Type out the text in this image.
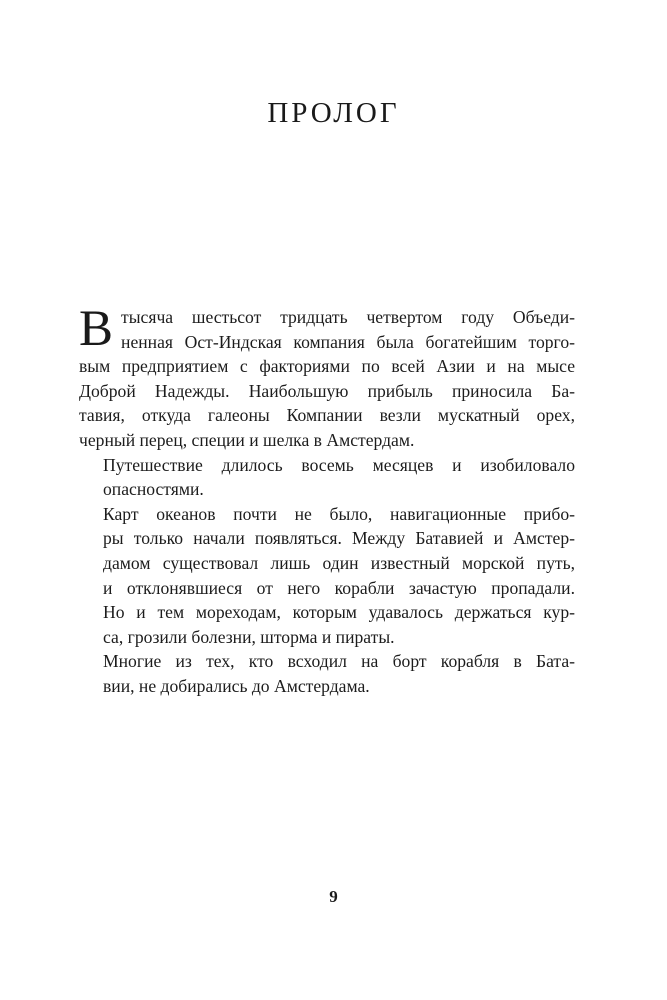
ПРОЛОГ

В тысяча шестьсот тридцать четвертом году Объеди-
ненная Ост-Индская компания была богатейшим торго-
вым предприятием с факториями по всей Азии и на мысе
Доброй Надежды. Наибольшую прибыль приносила Ба-
тавия, откуда галеоны Компании везли мускатный орех,
черный перец, специи и шелка в Амстердам.

Путешествие длилось восемь месяцев и изобиловало
опасностями.

Карт океанов почти не было, навигационные прибо-
ры только начали появляться. Между Батавией и Амстер-
дамом существовал лишь один известный морской путь,
и отклонявшиеся от него корабли зачастую пропадали.
Но и тем мореходам, которым удавалось держаться кур-
са, грозили болезни, шторма и пираты.

Многие из тех, кто всходил на борт корабля в Бата-
вии, не добирались до Амстердама.

9
